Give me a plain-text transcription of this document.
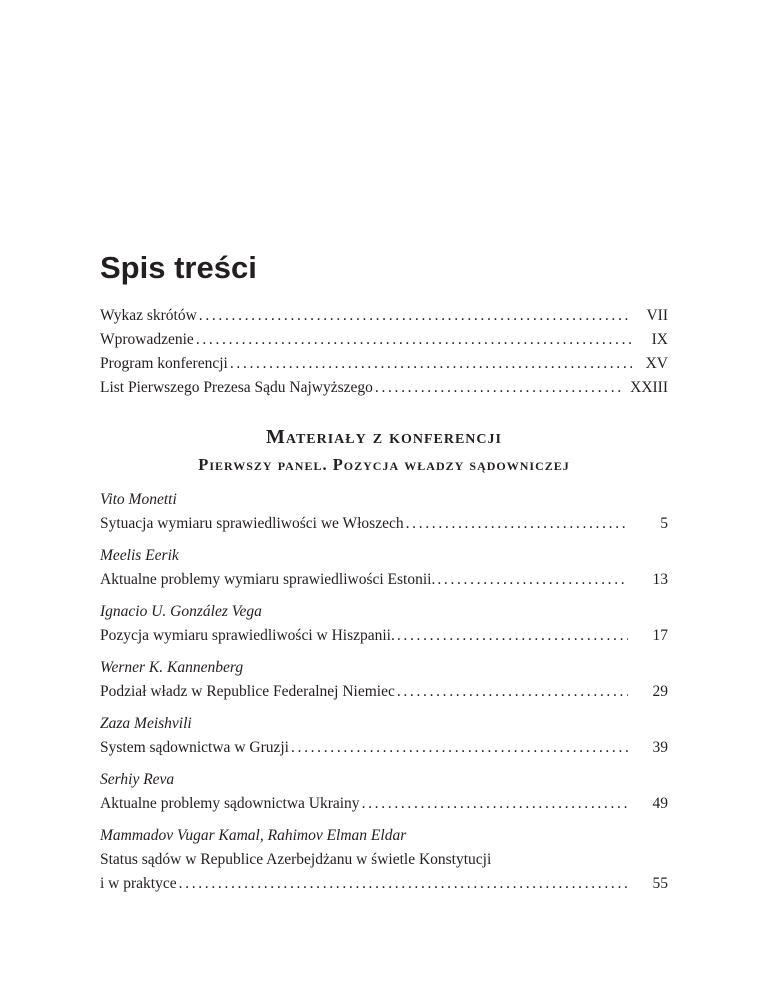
Spis treści
Wykaz skrótów . . .	VII
Wprowadzenie . . .	IX
Program konferencji . . .	XV
List Pierwszego Prezesa Sądu Najwyższego . . .	XXIII
Materiały z konferencji
Pierwszy panel. Pozycja władzy sądowniczej
Vito Monetti
Sytuacja wymiaru sprawiedliwości we Włoszech . . .	5
Meelis Eerik
Aktualne problemy wymiaru sprawiedliwości Estonii. . . .	13
Ignacio U. González Vega
Pozycja wymiaru sprawiedliwości w Hiszpanii. . . .	17
Werner K. Kannenberg
Podział władz w Republice Federalnej Niemiec . . .	29
Zaza Meishvili
System sądownictwa w Gruzji . . .	39
Serhiy Reva
Aktualne problemy sądownictwa Ukrainy . . .	49
Mammadov Vugar Kamal, Rahimov Elman Eldar
Status sądów w Republice Azerbejdżanu w świetle Konstytucji
i w praktyce . . .	55
